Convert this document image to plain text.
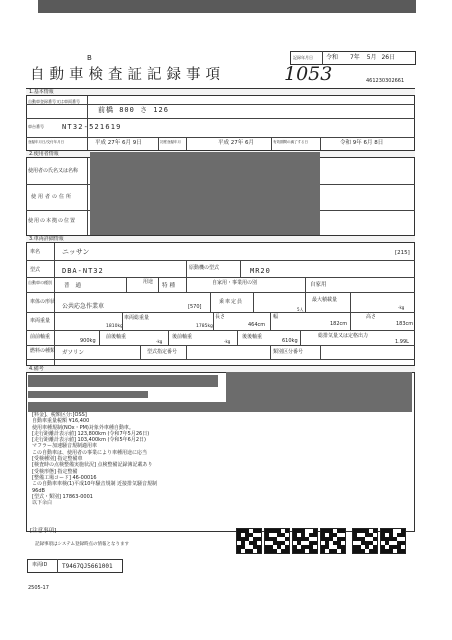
B
自動車検査証記録事項	1053
記録年月日 令和 7年 5月 26日
461230302661
1.基本情報
自動車登録番号又は車両番号
前橋 800 さ 126
車台番号	NT32-521619
登録年月日/交付年月日	平成 27年 6月 9日	初度登録年月	平成 27年 6月	有効期間の満了する日	令和 9年 6月 8日
2.使用者情報
使用者の氏名又は名称
使用者の住所
使用の本拠の位置
3.車両詳細情報
車名	ニッサン	[215]
型式	DBA-NT32	原動機の型式	MR20
自動車の種別
普通
用途
特種	自家用・事業用の別	自家用
車体の形状
公共応急作業車	[570]
乗車定員
5人
最大積載量
-kg
車両重量
1810kg
車両総重量
1785kg
長さ
464cm
幅
182cm
高さ
183cm
前前軸重
900kg
前後軸重
-kg
後前軸重
-kg
後後軸重
610kg
総排気量又は定格出力
1.99L
燃料の種類 ガソリン	型式指定番号	類別区分番号
4.備考
[料金]、税額区分:[OSS]
自動車重量税額 ¥16,400
使用車種規制(NOx・PM)対象外車種自動車。
[走行距離計表示値] 123,800km (令和7年5月26日)
[走行距離計表示値] 103,400km (令和5年6月2日)
マフラー加速騒音規制適用車
この自動車は、使用者の事業により車種用途に応当
[受検種別] 指定整備車
[検査時の点検整備実施状況] 点検整備記録簿記載あり
[受検形態] 指定整備
[整備工場コード] 46-00016
この自動車車検(1)平成10年騒音規制 近接排気騒音規制
96dB
[型式・類別] 17863-0001
以下余白
[注意事項]
記録事項はシステム登録時点の情報となります
車両ID T9467QJ5661001
2505-17
